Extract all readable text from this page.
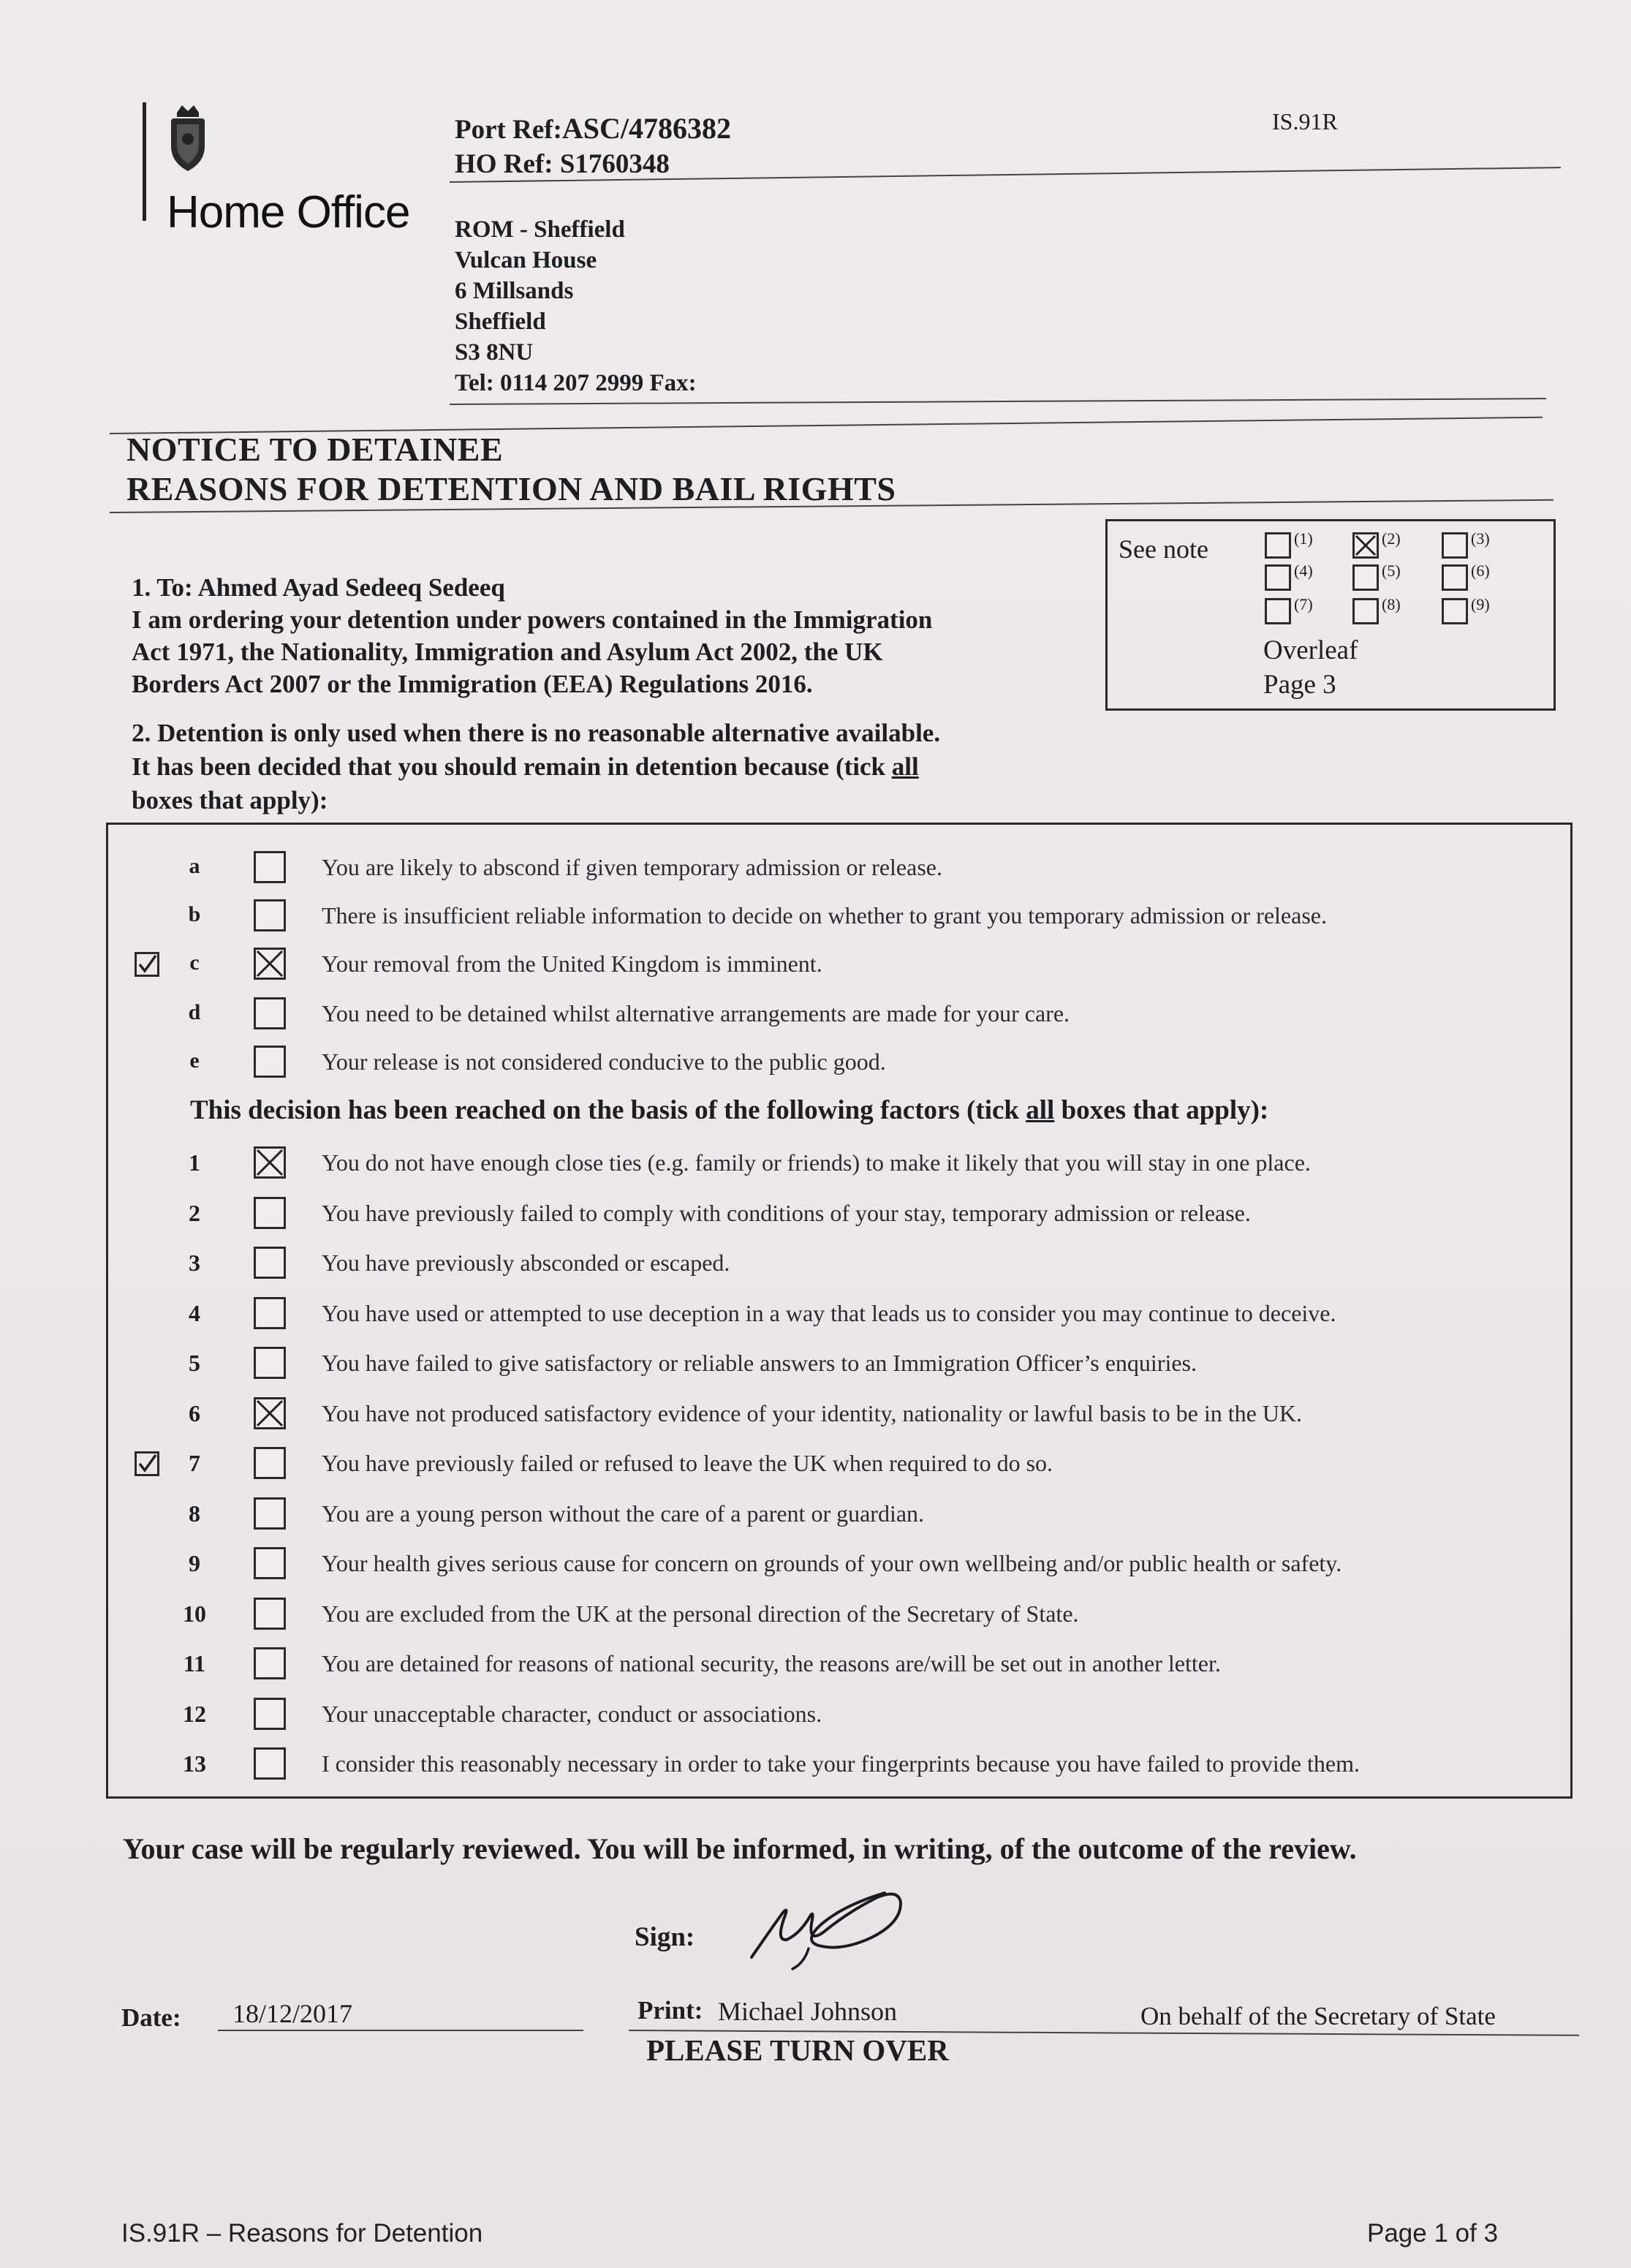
Home Office
Port Ref:ASC/4786382
HO Ref: S1760348
IS.91R
ROM - Sheffield
Vulcan House
6 Millsands
Sheffield
S3 8NU
Tel: 0114 207 2999 Fax:
NOTICE TO DETAINEE
REASONS FOR DETENTION AND BAIL RIGHTS
See note	(1)	(2)	(3)
(4)	(5)	(6)
(7)	(8)	(9)
Overleaf
Page 3
1. To: Ahmed Ayad Sedeeq Sedeeq
I am ordering your detention under powers contained in the Immigration
Act 1971, the Nationality, Immigration and Asylum Act 2002, the UK
Borders Act 2007 or the Immigration (EEA) Regulations 2016.
2. Detention is only used when there is no reasonable alternative available.
It has been decided that you should remain in detention because (tick all
boxes that apply):
a	You are likely to abscond if given temporary admission or release.
b	There is insufficient reliable information to decide on whether to grant you temporary admission or release.
c	Your removal from the United Kingdom is imminent.
d	You need to be detained whilst alternative arrangements are made for your care.
e	Your release is not considered conducive to the public good.
1	You do not have enough close ties (e.g. family or friends) to make it likely that you will stay in one place.
2	You have previously failed to comply with conditions of your stay, temporary admission or release.
3	You have previously absconded or escaped.
4	You have used or attempted to use deception in a way that leads us to consider you may continue to deceive.
5	You have failed to give satisfactory or reliable answers to an Immigration Officer’s enquiries.
6	You have not produced satisfactory evidence of your identity, nationality or lawful basis to be in the UK.
7	You have previously failed or refused to leave the UK when required to do so.
8	You are a young person without the care of a parent or guardian.
9	Your health gives serious cause for concern on grounds of your own wellbeing and/or public health or safety.
10	You are excluded from the UK at the personal direction of the Secretary of State.
11	You are detained for reasons of national security, the reasons are/will be set out in another letter.
12	Your unacceptable character, conduct or associations.
13	I consider this reasonably necessary in order to take your fingerprints because you have failed to provide them.
This decision has been reached on the basis of the following factors (tick all boxes that apply):
Your case will be regularly reviewed. You will be informed, in writing, of the outcome of the review.
Sign:
Date: 18/12/2017	Print: Michael Johnson	On behalf of the Secretary of State
PLEASE TURN OVER
IS.91R – Reasons for Detention	Page 1 of 3
